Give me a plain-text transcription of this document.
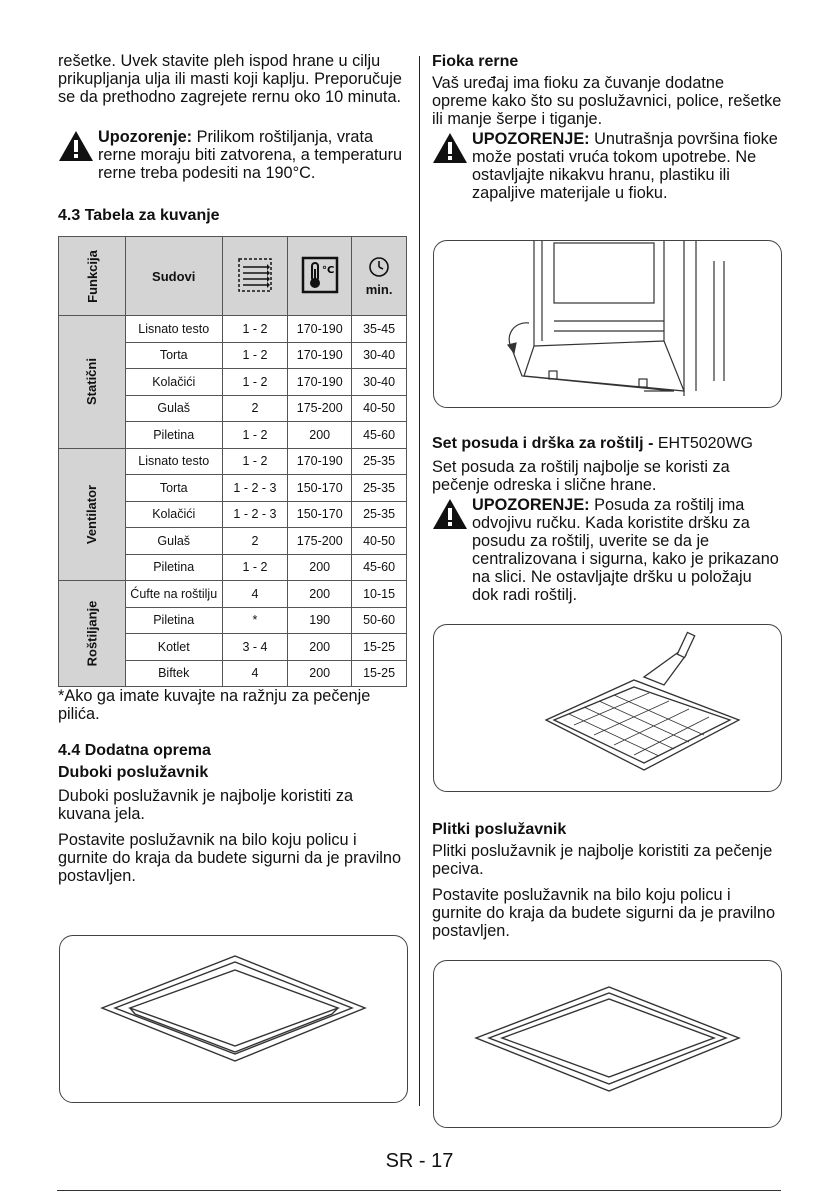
rešetke. Uvek stavite pleh ispod hrane u cilju prikupljanja ulja ili masti koji kaplju. Preporučuje se da prethodno zagrejete rernu oko 10 minuta.

Upozorenje: Prilikom roštiljanja, vrata rerne moraju biti zatvorena, a temperaturu rerne treba podesiti na 190°C.
4.3 Tabela za kuvanje
Funkcija	Sudovi		°C	min.
Statični	Lisnato testo	1 - 2	170-190	35-45
	Torta	1 - 2	170-190	30-40
	Kolačići	1 - 2	170-190	30-40
	Gulaš	2	175-200	40-50
	Piletina	1 - 2	200	45-60
Ventilator	Lisnato testo	1 - 2	170-190	25-35
	Torta	1 - 2 - 3	150-170	25-35
	Kolačići	1 - 2 - 3	150-170	25-35
	Gulaš	2	175-200	40-50
	Piletina	1 - 2	200	45-60
Roštiljanje	Ćufte na roštilju	4	200	10-15
	Piletina	*	190	50-60
	Kotlet	3 - 4	200	15-25
	Biftek	4	200	15-25

*Ako ga imate kuvajte na ražnju za pečenje pilića.

4.4 Dodatna oprema
Duboki poslužavnik

Duboki poslužavnik je najbolje koristiti za kuvana jela.

Postavite poslužavnik na bilo koju policu i gurnite do kraja da budete sigurni da je pravilno postavljen.

Fioka rerne

Vaš uređaj ima fioku za čuvanje dodatne opreme kako što su poslužavnici, police, rešetke ili manje šerpe i tiganje.

UPOZORENJE: Unutrašnja površina fioke može postati vruća tokom upotrebe. Ne ostavljajte nikakvu hranu, plastiku ili zapaljive materijale u fioku.
Set posuda i drška za roštilj - EHT5020WG

Set posuda za roštilj najbolje se koristi za pečenje odreska i slične hrane.

UPOZORENJE: Posuda za roštilj ima odvojivu ručku. Kada koristite dršku za posudu za roštilj, uverite se da je centralizovana i sigurna, kako je prikazano na slici. Ne ostavljajte dršku u položaju dok radi roštilj.
Plitki poslužavnik

Plitki poslužavnik je najbolje koristiti za pečenje peciva.

Postavite poslužavnik na bilo koju policu i gurnite do kraja da budete sigurni da je pravilno postavljen.

SR - 17
